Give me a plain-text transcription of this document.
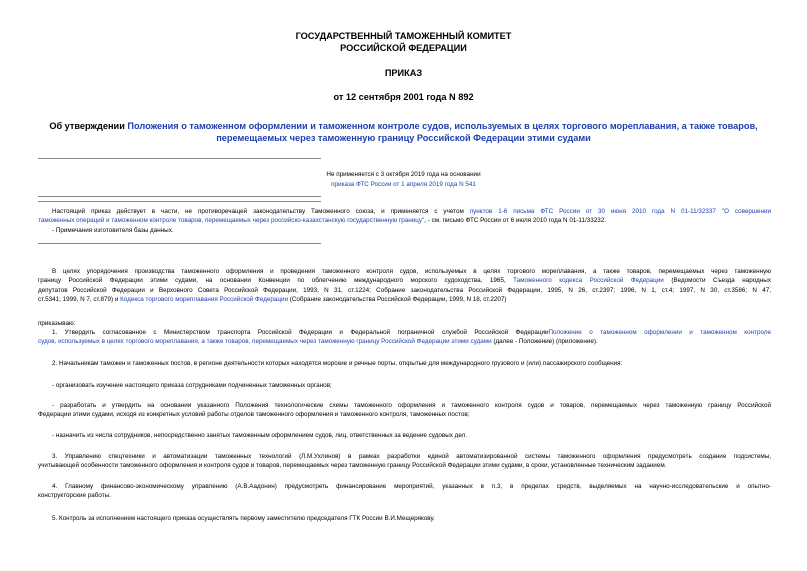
ГОСУДАРСТВЕННЫЙ ТАМОЖЕННЫЙ КОМИТЕТ
РОССИЙСКОЙ ФЕДЕРАЦИИ
ПРИКАЗ
от 12 сентября 2001 года N 892
Об утверждении Положения о таможенном оформлении и таможенном контроле судов, используемых в целях торгового мореплавания, а также товаров,
перемещаемых через таможенную границу Российской Федерации этими судами
Не применяется с 3 октября 2019 года на основании
приказа ФТС России от 1 апреля 2019 года N 541
Настоящий приказ действует в части, не противоречащей законодательству Таможенного союза, и применяется с учетом пунктов 1-6 письма ФТС России от 30 июня 2010 года N 01-11/32337 "О совершении
таможенных операций и таможенном контроле товаров, перемещаемых через российско-казахстанскую государственную границу", - см. письмо ФТС России от 6 июля 2010 года N 01-11/33232.
- Примечания изготовителя базы данных.
В целях упорядочения производства таможенного оформления и проведения таможенного контроля судов, используемых в целях торгового мореплавания, а также товаров, перемещаемых через таможенную
границу Российской Федерации этими судами, на основании Конвенции по облегчению международного морского судоходства, 1965, Таможенного кодекса Российской Федерации (Ведомости Съезда народных
депутатов Российской Федерации и Верховного Совета Российской Федерации, 1993, N 31, ст.1224; Собрание законодательства Российской Федерации, 1995, N 26, ст.2397; 1996, N 1, ст.4; 1997, N 30, ст.3586; N 47,
ст.5341; 1999, N 7, ст.879) и Кодекса торгового мореплавания Российской Федерации (Собрание законодательства Российской Федерации, 1999, N 18, ст.2207)
приказываю:
1. Утвердить согласованное с Министерством транспорта Российской Федерации и Федеральной пограничной службой Российской ФедерацииПоложение о таможенном оформлении и таможенном контроле
судов, используемых в целях торгового мореплавания, а также товаров, перемещаемых через таможенную границу Российской Федерации этими судами (далее - Положение) (приложение).
2. Начальникам таможен и таможенных постов, в регионе деятельности которых находятся морские и речные порты, открытые для международного грузового и (или) пассажирского сообщения:
- организовать изучение настоящего приказа сотрудниками подчиненных таможенных органов;
- разработать и утвердить на основании указанного Положения технологические схемы таможенного оформления и таможенного контроля судов и товаров, перемещаемых через таможенную границу Российской
Федерации этими судами, исходя из конкретных условий работы отделов таможенного оформления и таможенного контроля, таможенных постов;
- назначить из числа сотрудников, непосредственно занятых таможенным оформлением судов, лиц, ответственных за ведение судовых дел.
3. Управлению спецтехники и автоматизации таможенных технологий (Л.М.Ухлинов) в рамках разработки единой автоматизированной системы таможенного оформления предусмотреть создание подсистемы,
учитывающей особенности таможенного оформления и контроля судов и товаров, перемещаемых через таможенную границу Российской Федерации этими судами, в сроки, установленные техническим заданием.
4. Главному финансово-экономическому управлению (А.В.Аадонин) предусмотреть финансирование мероприятий, указанных в п.3, в пределах средств, выделяемых на научно-исследовательские и опытно-
конструкторские работы.
5. Контроль за исполнением настоящего приказа осуществлять первому заместителю председателя ГТК России В.И.Мещерякову.
